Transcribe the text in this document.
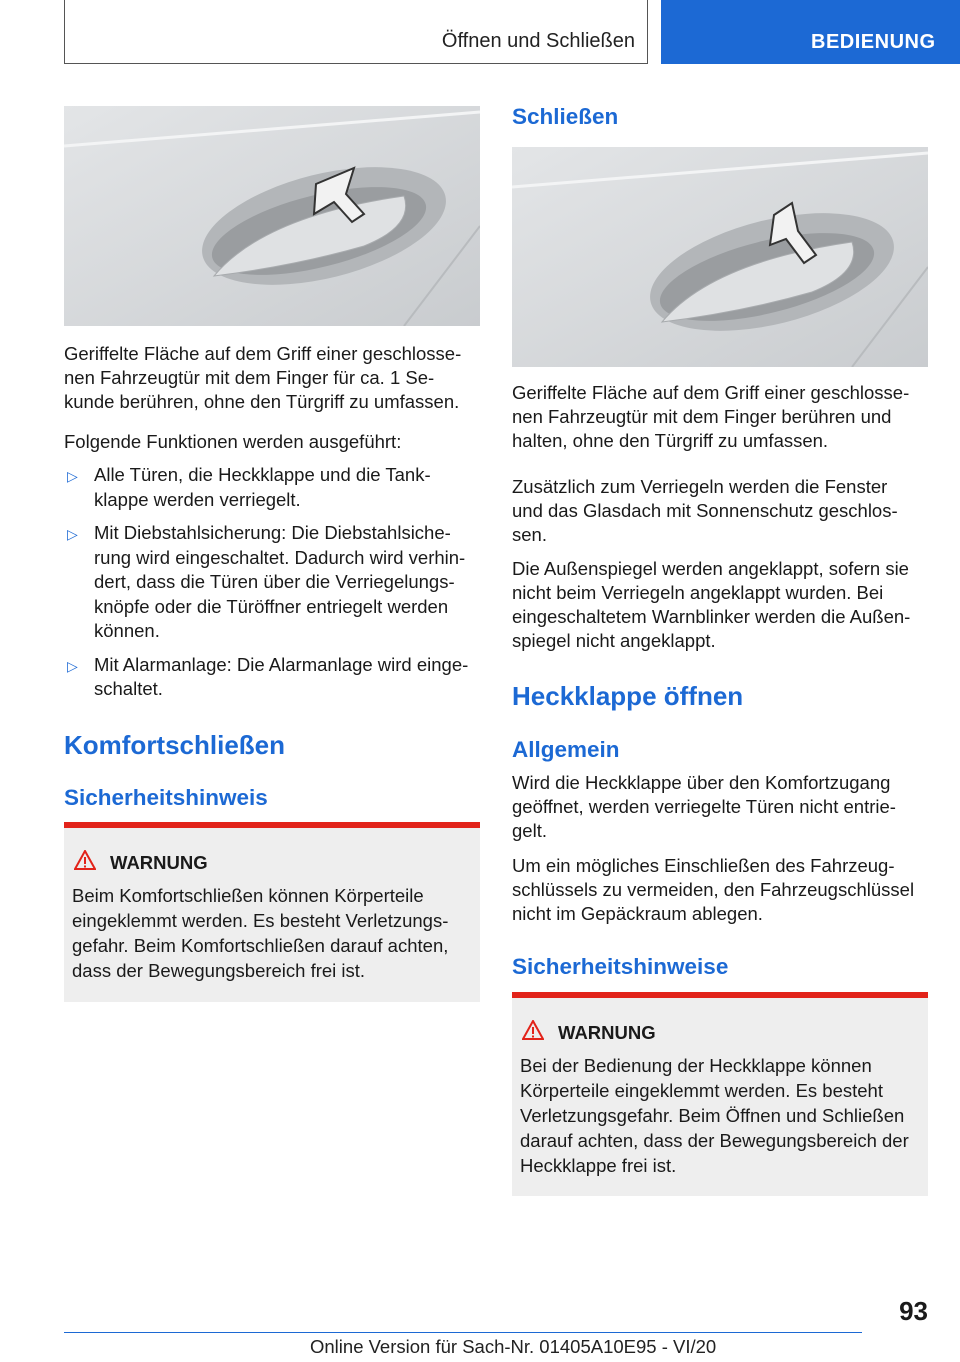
Öffnen und Schließen	BEDIENUNG

Geriffelte Fläche auf dem Griff einer geschlosse‐

nen Fahrzeugtür mit dem Finger für ca. 1 Se‐

kunde berühren, ohne den Türgriff zu umfassen.

Folgende Funktionen werden ausgeführt:

▷ Alle Türen, die Heckklappe und die Tank‐
klappe werden verriegelt.
▷ Mit Diebstahlsicherung: Die Diebstahlsiche‐
rung wird eingeschaltet. Dadurch wird verhin‐
dert, dass die Türen über die Verriegelungs‐
knöpfe oder die Türöffner entriegelt werden
können.
▷ Mit Alarmanlage: Die Alarmanlage wird einge‐
schaltet.
Komfortschließen
Sicherheitshinweis
WARNUNG

Beim Komfortschließen können Körperteile

eingeklemmt werden. Es besteht Verletzungs‐

gefahr. Beim Komfortschließen darauf achten,

dass der Bewegungsbereich frei ist.

Schließen

Geriffelte Fläche auf dem Griff einer geschlosse‐

nen Fahrzeugtür mit dem Finger berühren und

halten, ohne den Türgriff zu umfassen.

Zusätzlich zum Verriegeln werden die Fenster

und das Glasdach mit Sonnenschutz geschlos‐

sen.

Die Außenspiegel werden angeklappt, sofern sie

nicht beim Verriegeln angeklappt wurden. Bei

eingeschaltetem Warnblinker werden die Außen‐

spiegel nicht angeklappt.

Heckklappe öffnen
Allgemein

Wird die Heckklappe über den Komfortzugang

geöffnet, werden verriegelte Türen nicht entrie‐

gelt.

Um ein mögliches Einschließen des Fahrzeug‐

schlüssels zu vermeiden, den Fahrzeugschlüssel

nicht im Gepäckraum ablegen.

Sicherheitshinweise
WARNUNG

Bei der Bedienung der Heckklappe können

Körperteile eingeklemmt werden. Es besteht

Verletzungsgefahr. Beim Öffnen und Schließen

darauf achten, dass der Bewegungsbereich der

Heckklappe frei ist.

93
Online Version für Sach-Nr. 01405A10E95 - VI/20
